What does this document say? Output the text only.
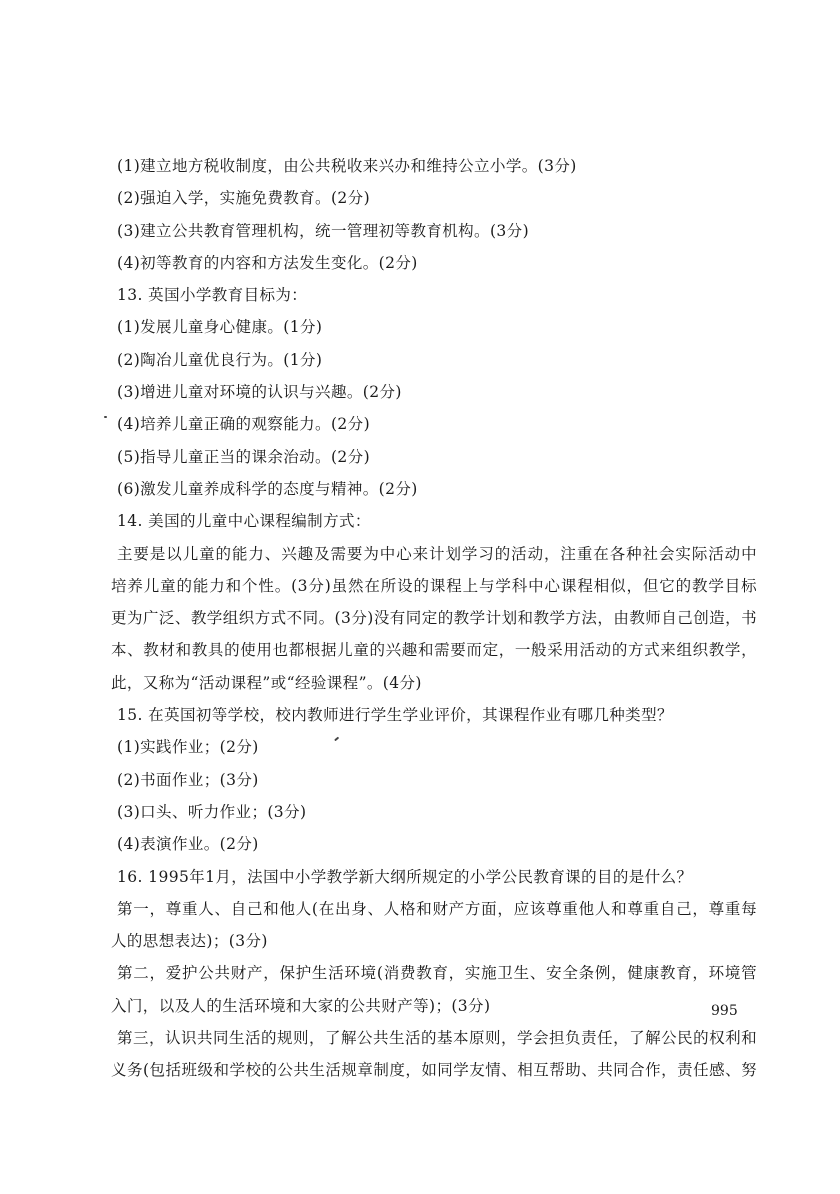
(1)建立地方税收制度，由公共税收来兴办和维持公立小学。(3分)
(2)强迫入学，实施免费教育。(2分)
(3)建立公共教育管理机构，统一管理初等教育机构。(3分)
(4)初等教育的内容和方法发生变化。(2分)
13. 英国小学教育目标为：
(1)发展儿童身心健康。(1分)
(2)陶冶儿童优良行为。(1分)
(3)增进儿童对环境的认识与兴趣。(2分)
(4)培养儿童正确的观察能力。(2分)
(5)指导儿童正当的课余治动。(2分)
(6)激发儿童养成科学的态度与精神。(2分)
14. 美国的儿童中心课程编制方式：
主要是以儿童的能力、兴趣及需要为中心来计划学习的活动，注重在各种社会实际活动中
培养儿童的能力和个性。(3分)虽然在所设的课程上与学科中心课程相似，但它的教学目标
更为广泛、教学组织方式不同。(3分)没有同定的教学计划和教学方法，由教师自己创造，书
本、教材和教具的使用也都根据儿童的兴趣和需要而定，一般采用活动的方式来组织教学，
此，又称为“活动课程”或“经验课程”。(4分)
15. 在英国初等学校，校内教师进行学生学业评价，其课程作业有哪几种类型？
(1)实践作业；(2分)
(2)书面作业；(3分)
(3)口头、听力作业；(3分)
(4)表演作业。(2分)
16. 1995年1月，法国中小学教学新大纲所规定的小学公民教育课的目的是什么？
第一，尊重人、自己和他人(在出身、人格和财产方面，应该尊重他人和尊重自己，尊重每
人的思想表达)；(3分)
第二，爱护公共财产，保护生活环境(消费教育，实施卫生、安全条例，健康教育，环境管
入门，以及人的生活环境和大家的公共财产等)；(3分)
第三，认识共同生活的规则，了解公共生活的基本原则，学会担负责任，了解公民的权利和
义务(包括班级和学校的公共生活规章制度，如同学友情、相互帮助、共同合作，责任感、努
995
